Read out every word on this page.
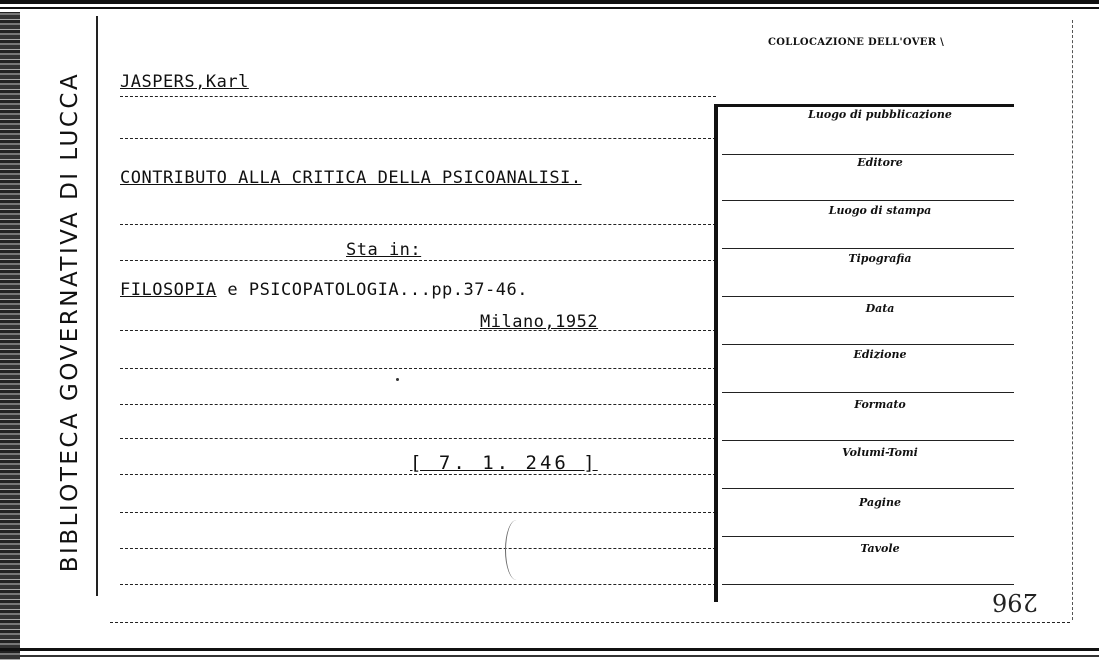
BIBLIOTECA GOVERNATIVA DI LUCCA
COLLOCAZIONE DELL'OVER \
JASPERS,Karl
CONTRIBUTO ALLA CRITICA DELLA PSICOANALISI.
Sta in:
FILOSOPIA e PSICOPATOLOGIA...pp.37-46.
Milano,1952
[ 7. 1. 246 ]
Luogo di pubblicazione
Editore
Luogo di stampa
Tipografia
Data
Edizione
Formato
Volumi-Tomi
Pagine
Tavole
296
